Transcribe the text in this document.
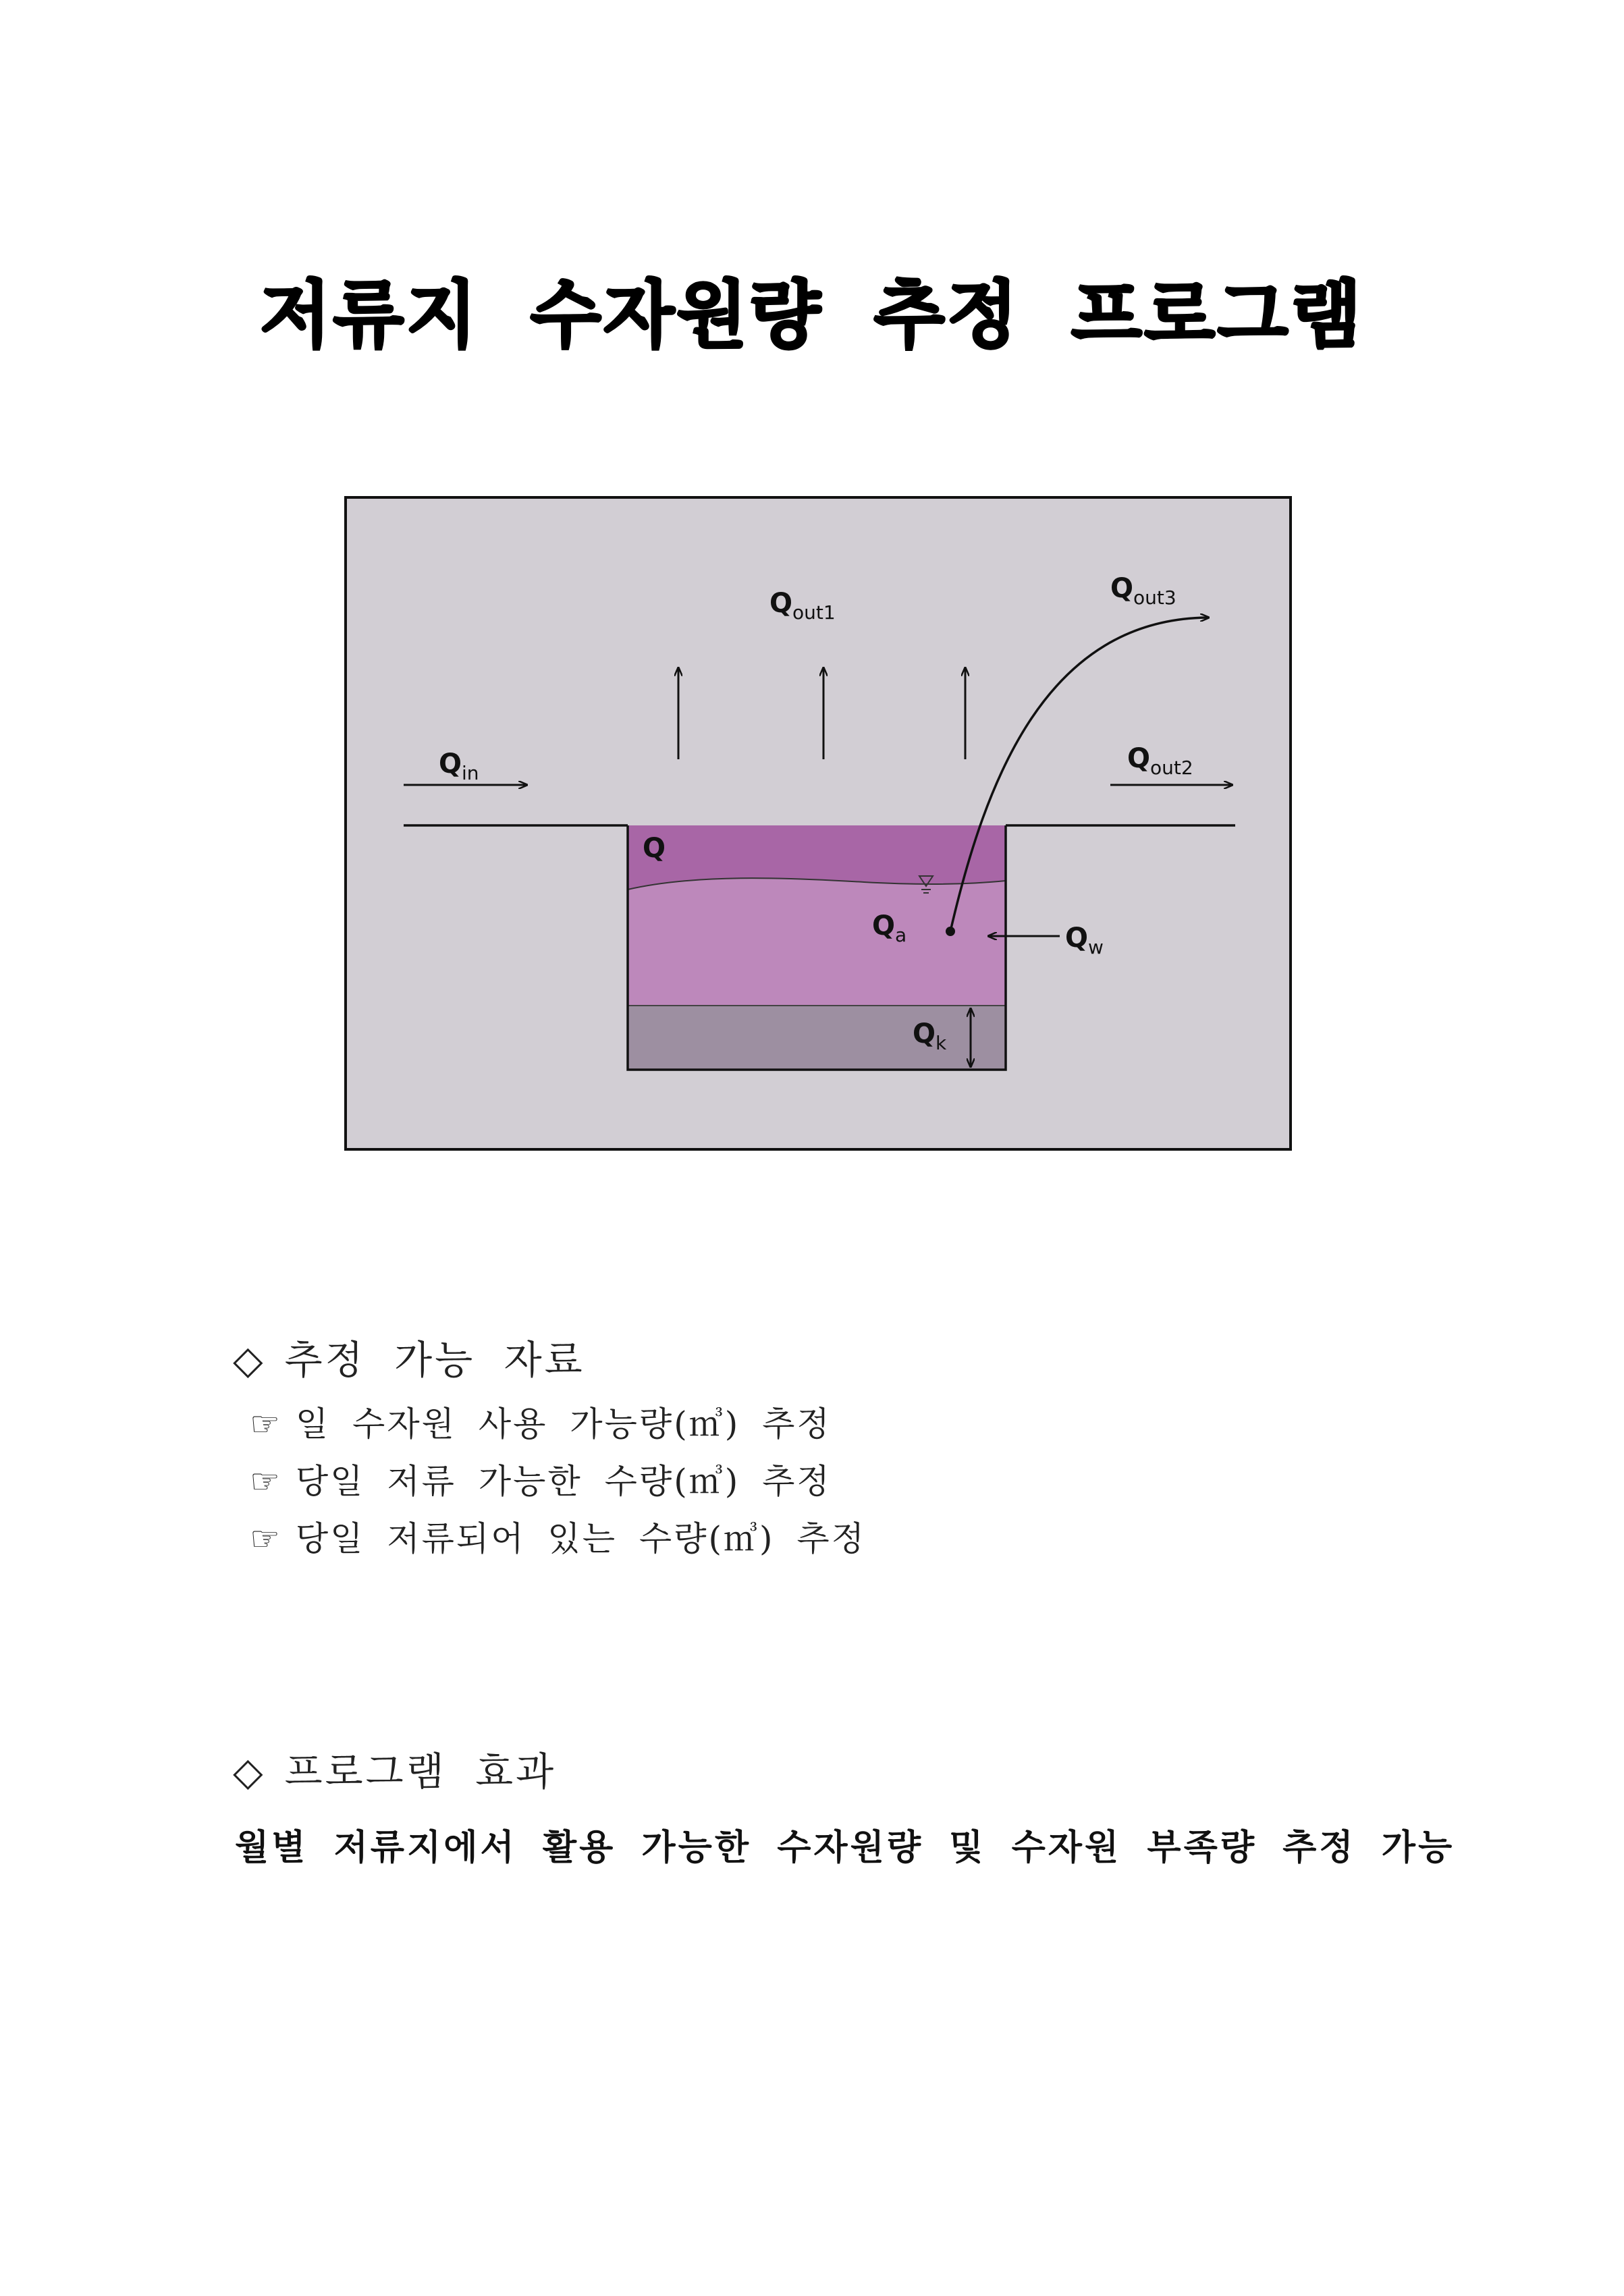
저류지 수자원량 추정 프로그램
$Q_{in}$
$Q_{out1}$
$Q_{out3}$
$Q_{out2}$
Q
$Q_a$	$Q_w$
$Q_k$
◇ 추정 가능 자료
☞ 일 수자원 사용 가능량(㎥) 추정
☞ 당일 저류 가능한 수량(㎥) 추정
☞ 당일 저류되어 있는 수량(㎥) 추정
◇ 프로그램 효과
월별 저류지에서 활용 가능한 수자원량 및 수자원 부족량 추정 가능
